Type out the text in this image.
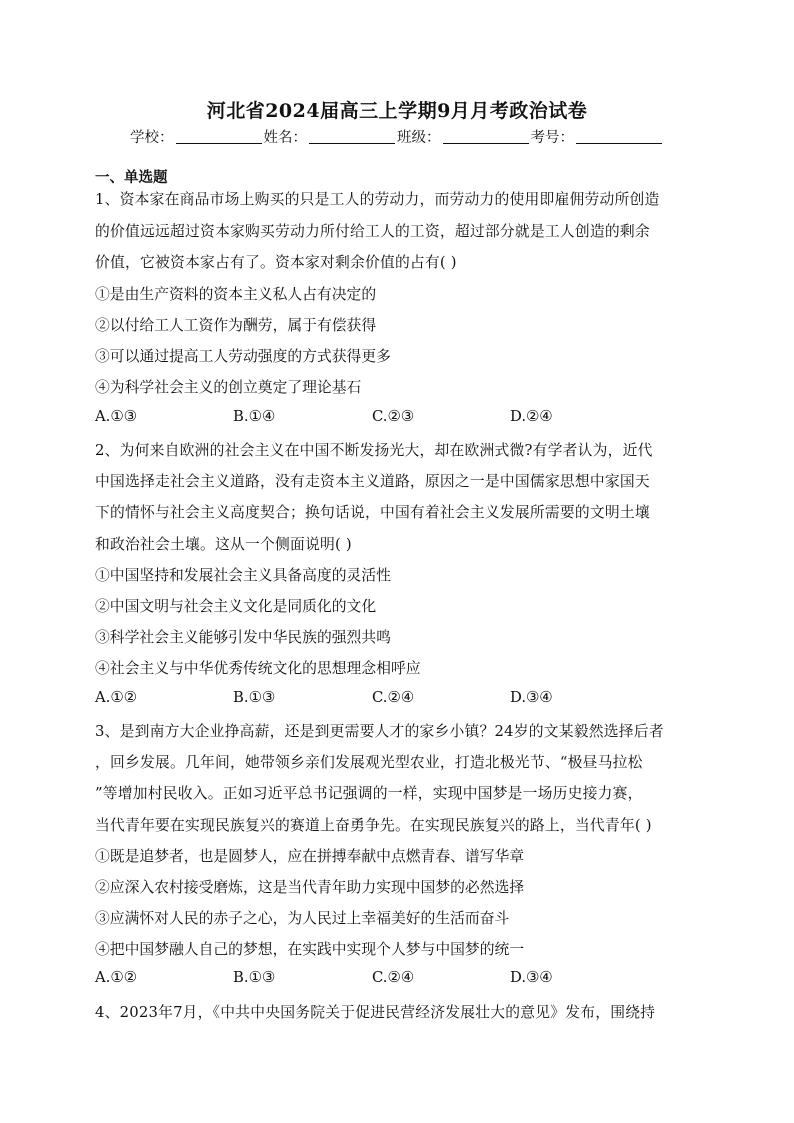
河北省2024届高三上学期9月月考政治试卷
学校：	姓名：	班级：	考号：
一、单选题
1、资本家在商品市场上购买的只是工人的劳动力，而劳动力的使用即雇佣劳动所创造
的价值远远超过资本家购买劳动力所付给工人的工资，超过部分就是工人创造的剩余
价值，它被资本家占有了。资本家对剩余价值的占有( )
①是由生产资料的资本主义私人占有决定的
②以付给工人工资作为酬劳，属于有偿获得
③可以通过提高工人劳动强度的方式获得更多
④为科学社会主义的创立奠定了理论基石
A.①③	B.①④	C.②③	D.②④
2、为何来自欧洲的社会主义在中国不断发扬光大，却在欧洲式微?有学者认为，近代
中国选择走社会主义道路，没有走资本主义道路，原因之一是中国儒家思想中家国天
下的情怀与社会主义高度契合；换句话说，中国有着社会主义发展所需要的文明土壤
和政治社会土壤。这从一个侧面说明( )
①中国坚持和发展社会主义具备高度的灵活性
②中国文明与社会主义文化是同质化的文化
③科学社会主义能够引发中华民族的强烈共鸣
④社会主义与中华优秀传统文化的思想理念相呼应
A.①②	B.①③	C.②④	D.③④
3、是到南方大企业挣高薪，还是到更需要人才的家乡小镇？24岁的文某毅然选择后者
，回乡发展。几年间，她带领乡亲们发展观光型农业，打造北极光节、“极昼马拉松
”等增加村民收入。正如习近平总书记强调的一样，实现中国梦是一场历史接力赛，
当代青年要在实现民族复兴的赛道上奋勇争先。在实现民族复兴的路上，当代青年( )
①既是追梦者，也是圆梦人，应在拼搏奉献中点燃青春、谱写华章
②应深入农村接受磨炼，这是当代青年助力实现中国梦的必然选择
③应满怀对人民的赤子之心，为人民过上幸福美好的生活而奋斗
④把中国梦融人自己的梦想，在实践中实现个人梦与中国梦的统一
A.①②	B.①③	C.②④	D.③④
4、2023年7月，《中共中央国务院关于促进民营经济发展壮大的意见》发布，围绕持
